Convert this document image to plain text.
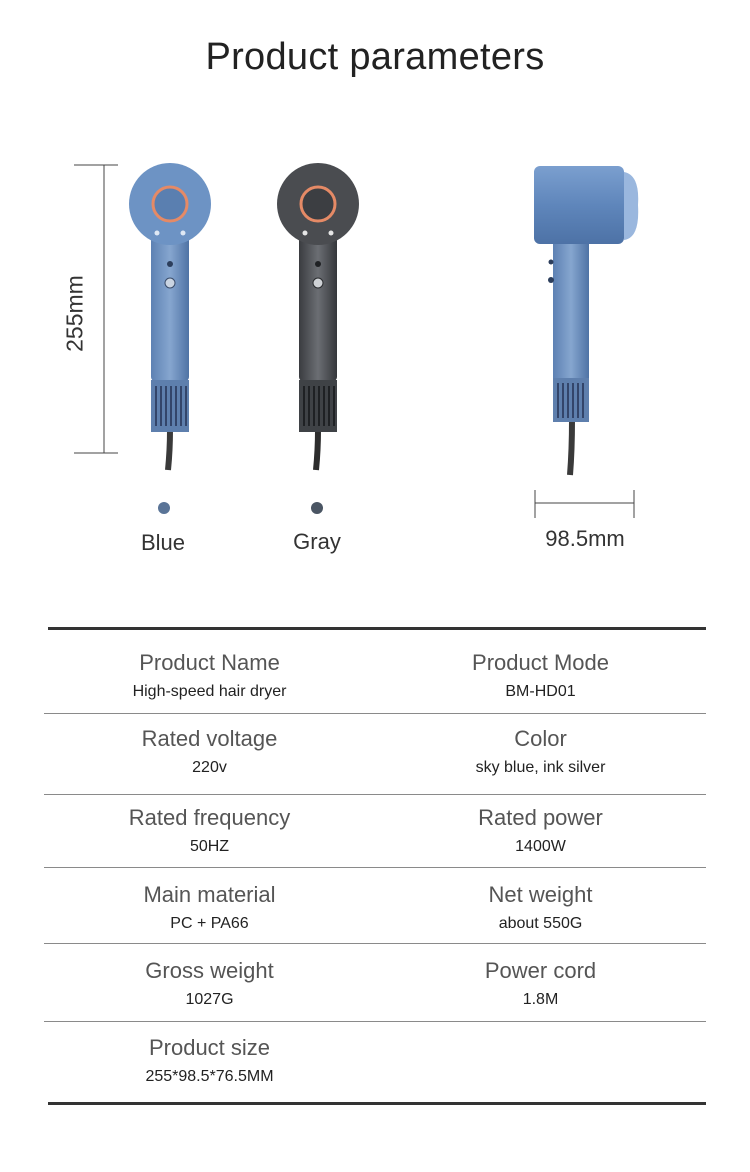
Product parameters
255mm
98.5mm
Blue	Gray
Product Name
High-speed hair dryer
Product Mode
BM-HD01
Rated voltage
220v
Color
sky blue, ink silver
Rated frequency
50HZ
Rated power
1400W
Main material
PC + PA66
Net weight
about 550G
Gross weight
1027G
Power cord
1.8M
Product size
255*98.5*76.5MM
